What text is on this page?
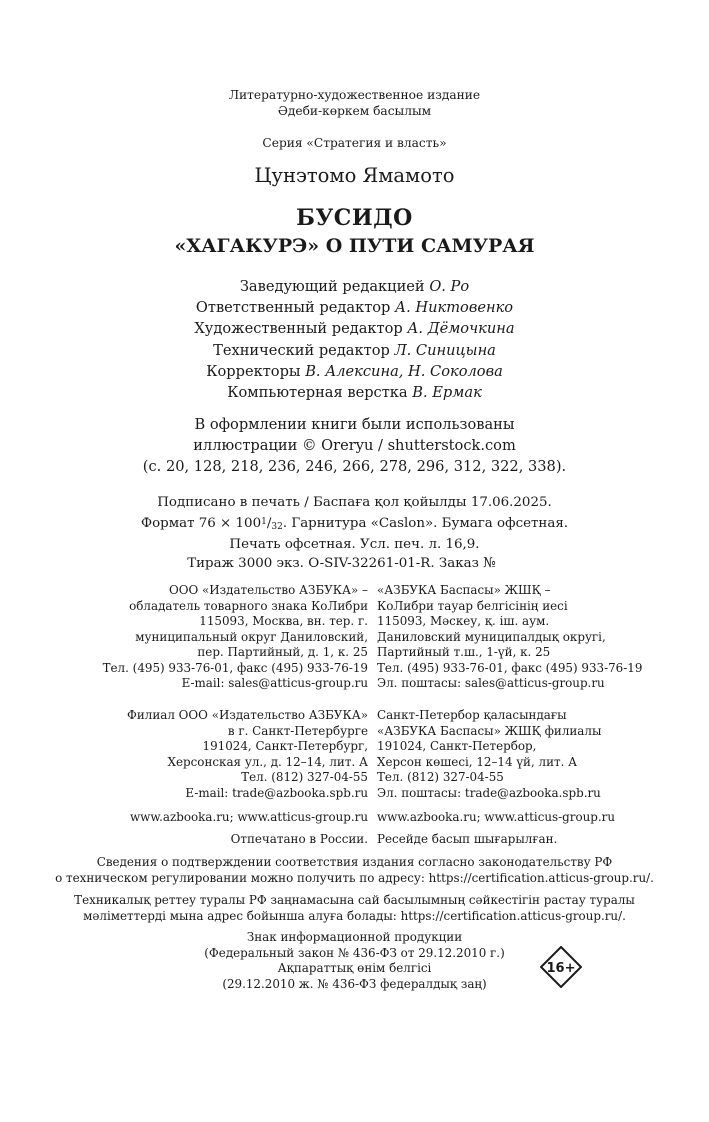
Литературно-художественное издание
Әдеби-көркем басылым
Серия «Стратегия и власть»
Цунэтомо Ямамото
БУСИДО
«ХАГАКУРЭ» О ПУТИ САМУРАЯ
Заведующий редакцией О. Ро
Ответственный редактор А. Никтовенко
Художественный редактор А. Дёмочкина
Технический редактор Л. Синицына
Корректоры В. Алексина, Н. Соколова
Компьютерная верстка В. Ермак
В оформлении книги были использованы
иллюстрации © Oreryu / shutterstock.com
(с. 20, 128, 218, 236, 246, 266, 278, 296, 312, 322, 338).
Подписано в печать / Баспаға қол қойылды 17.06.2025.
Формат $76 \times 100^1/32$. Гарнитура «Caslon». Бумага офсетная.
Печать офсетная. Усл. печ. л. 16,9.
Тираж 3000 экз. O-SIV-32261-01-R. Заказ №
ООО «Издательство АЗБУКА» –
обладатель товарного знака КоЛибри
115093, Москва, вн. тер. г.
муниципальный округ Даниловский,
пер. Партийный, д. 1, к. 25
Тел. (495) 933-76-01, факс (495) 933-76-19
E-mail: sales@atticus-group.ru
«АЗБУКА Баспасы» ЖШҚ –
КоЛибри тауар белгісінің иесі
115093, Мәскеу, қ. іш. аум.
Даниловский муниципалдық округі,
Партийный т.ш., 1-үй, к. 25
Тел. (495) 933-76-01, факс (495) 933-76-19
Эл. поштасы: sales@atticus-group.ru
Филиал ООО «Издательство АЗБУКА»
в г. Санкт-Петербурге
191024, Санкт-Петербург,
Херсонская ул., д. 12–14, лит. А
Тел. (812) 327-04-55
E-mail: trade@azbooka.spb.ru
Санкт-Петербор қаласындағы
«АЗБУКА Баспасы» ЖШҚ филиалы
191024, Санкт-Петербор,
Херсон көшесі, 12–14 үй, лит. А
Тел. (812) 327-04-55
Эл. поштасы: trade@azbooka.spb.ru
www.azbooka.ru; www.atticus-group.ru www.azbooka.ru; www.atticus-group.ru
Отпечатано в России. Ресейде басып шығарылған.
Сведения о подтверждении соответствия издания согласно законодательству РФ
о техническом регулировании можно получить по адресу: https://certification.atticus-group.ru/.
Техникалық реттеу туралы РФ заңнамасына сай басылымның сәйкестігін растау туралы
мәліметтерді мына адрес бойынша алуға болады: https://certification.atticus-group.ru/.
Знак информационной продукции
(Федеральный закон № 436-ФЗ от 29.12.2010 г.)
Ақпараттық өнім белгісі
(29.12.2010 ж. № 436-ФЗ федералдық заң)
16+
